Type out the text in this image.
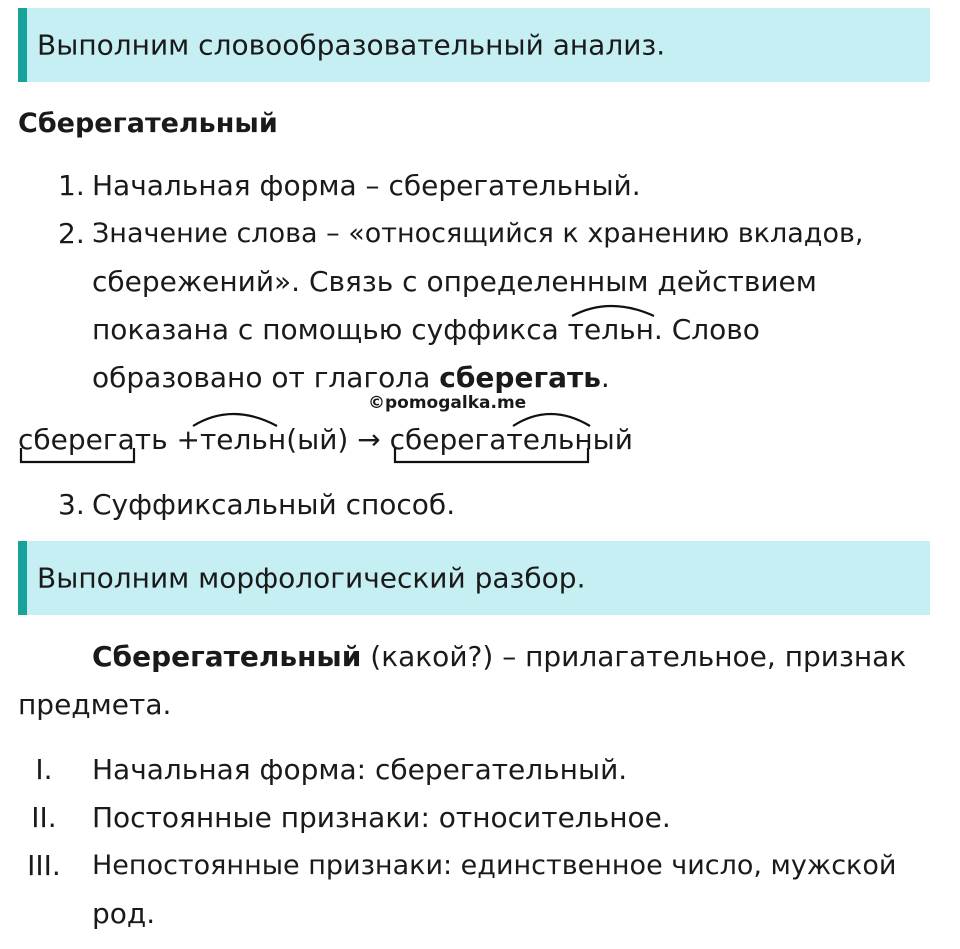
Выполним словообразовательный анализ.
Сберегательный
1. Начальная форма – сберегательный.
2. Значение слова – «относящийся к хранению вкладов,
сбережений». Связь с определенным действием
показана с помощью суффикса тельн. Слово
образовано от глагола сберегать.
©pomogalka.me
сберегать +тельн(ый) → сберегательный
3. Суффиксальный способ.
Выполним морфологический разбор.
Сберегательный (какой?) – прилагательное, признак
предмета.
I.	Начальная форма: сберегательный.
II.	Постоянные признаки: относительное.
III.	Непостоянные признаки: единственное число, мужской
род.
